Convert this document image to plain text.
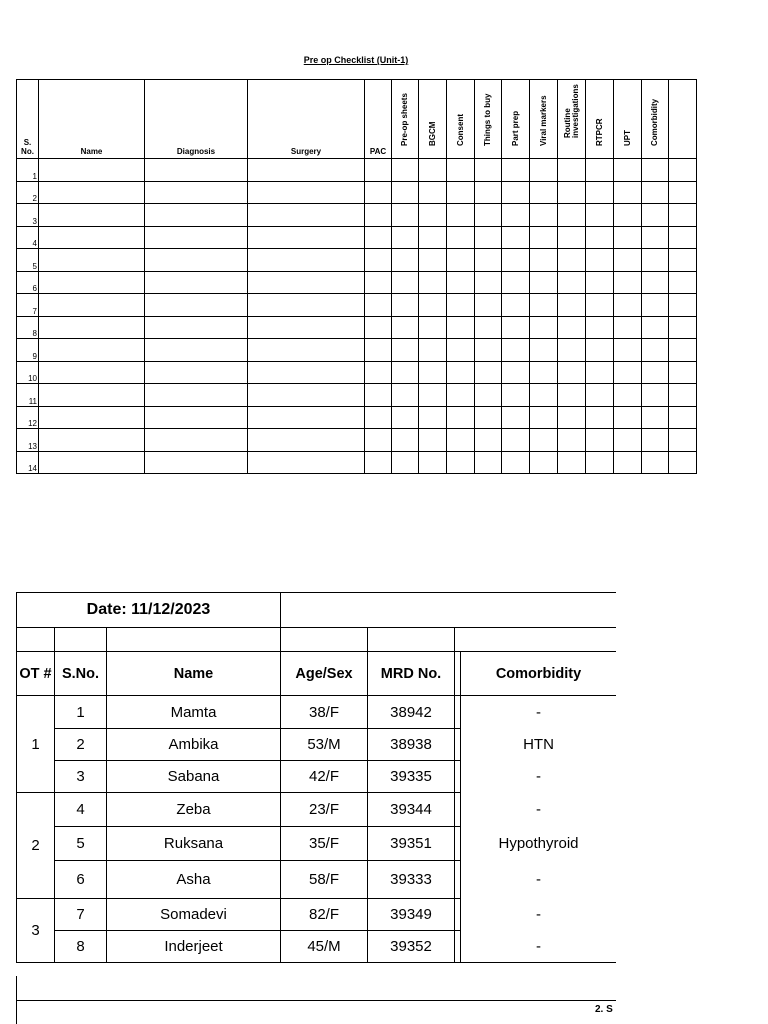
Pre op Checklist (Unit-1)
S. No.	Name	Diagnosis	Surgery	PAC	Pre-op sheets	BGCM	Consent	Things to buy	Part prep	Viral markers	Routine investigations	RTPCR	UPT	Comorbidity	

1															
2															
3															
4															
5															
6															
7															
8															
9															
10															
11															
12															
13															
14															
Date: 11/12/2023							

OT #	S.No.	Name	Age/Sex	MRD No.		Comorbidity	
1	1	Mamta	38/F	38942		-	
	2	Ambika	53/M	38938		HTN	
	3	Sabana	42/F	39335		-	
2	4	Zeba	23/F	39344		-	
	5	Ruksana	35/F	39351		Hypothyroid	
	6	Asha	58/F	39333		-	
3	7	Somadevi	82/F	39349		-	
	8	Inderjeet	45/M	39352		-	
2. S
